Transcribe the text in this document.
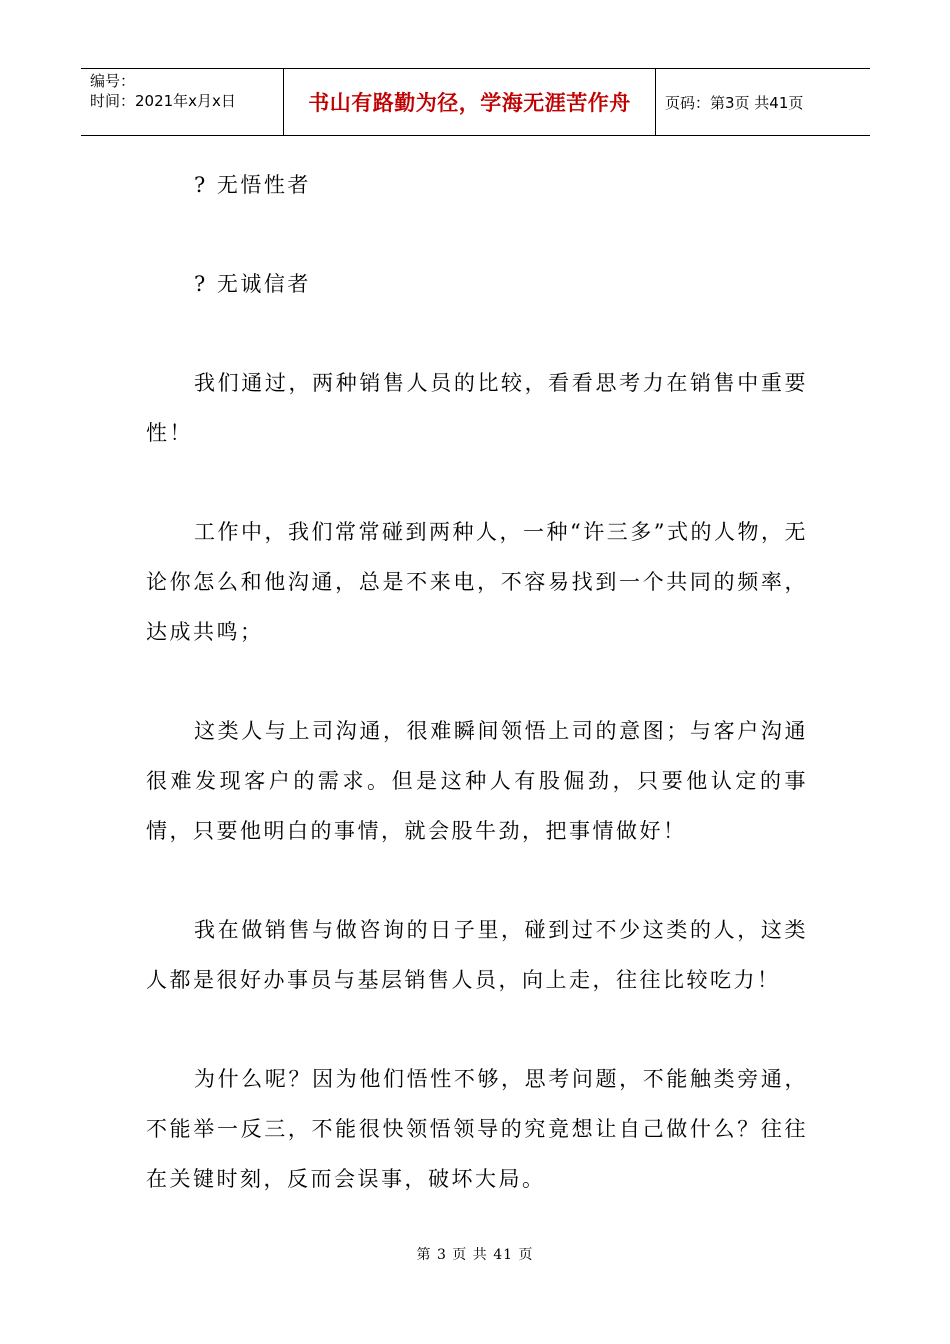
编号：
时间：2021年x月x日	书山有路勤为径，学海无涯苦作舟	页码：第3页 共41页

? 无悟性者

? 无诚信者

我们通过，两种销售人员的比较，看看思考力在销售中重要性！

工作中，我们常常碰到两种人，一种“许三多”式的人物，无论你怎么和他沟通，总是不来电，不容易找到一个共同的频率，达成共鸣；

这类人与上司沟通，很难瞬间领悟上司的意图；与客户沟通很难发现客户的需求。但是这种人有股倔劲，只要他认定的事情，只要他明白的事情，就会股牛劲，把事情做好！

我在做销售与做咨询的日子里，碰到过不少这类的人，这类人都是很好办事员与基层销售人员，向上走，往往比较吃力！

为什么呢？因为他们悟性不够，思考问题，不能触类旁通，不能举一反三，不能很快领悟领导的究竟想让自己做什么？往往在关键时刻，反而会误事，破坏大局。

第 3 页 共 41 页
